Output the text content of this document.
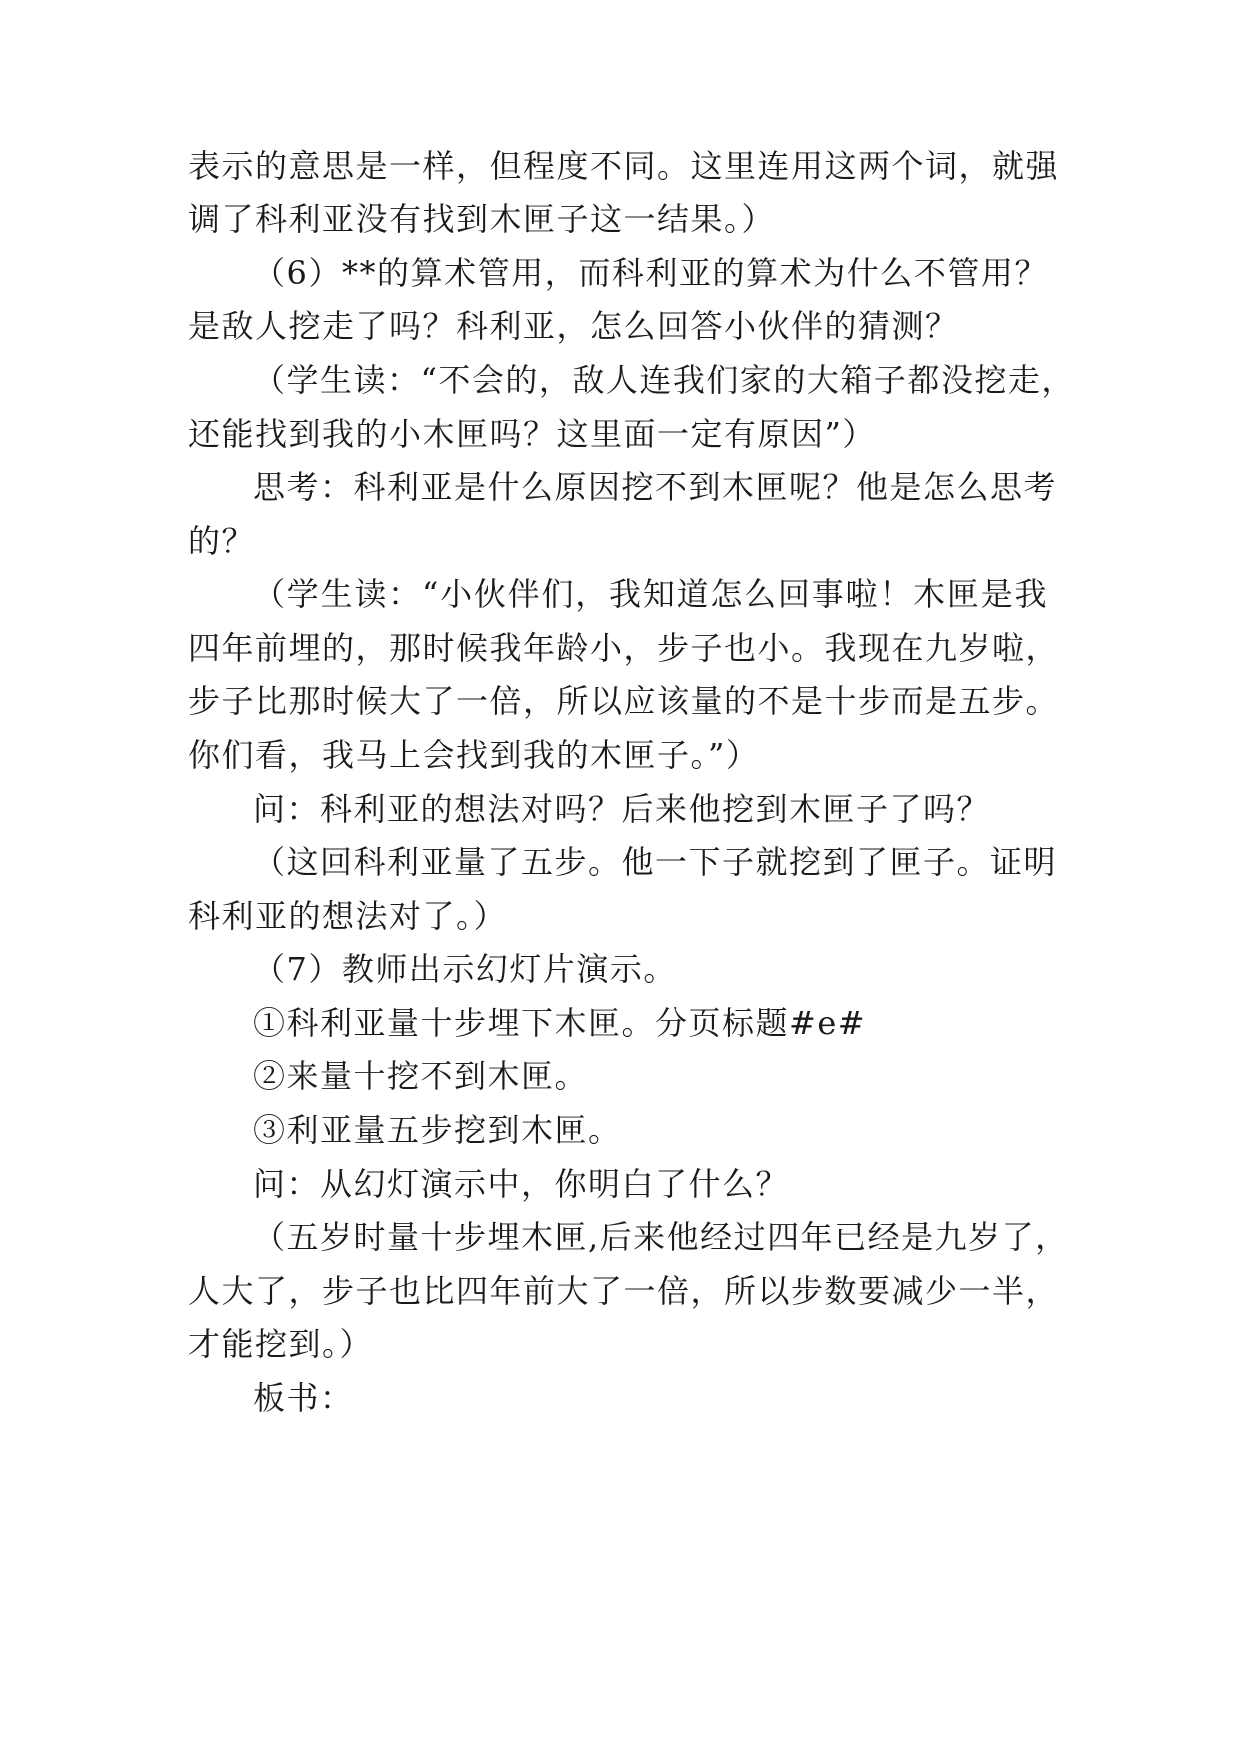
表示的意思是一样，但程度不同。这里连用这两个词，就强
调了科利亚没有找到木匣子这一结果。）
（6）**的算术管用，而科利亚的算术为什么不管用？
是敌人挖走了吗？科利亚，怎么回答小伙伴的猜测？
（学生读：“不会的，敌人连我们家的大箱子都没挖走，
还能找到我的小木匣吗？这里面一定有原因”）
思考：科利亚是什么原因挖不到木匣呢？他是怎么思考
的？
（学生读：“小伙伴们，我知道怎么回事啦！木匣是我
四年前埋的，那时候我年龄小，步子也小。我现在九岁啦，
步子比那时候大了一倍，所以应该量的不是十步而是五步。
你们看，我马上会找到我的木匣子。”）
问：科利亚的想法对吗？后来他挖到木匣子了吗？
（这回科利亚量了五步。他一下子就挖到了匣子。证明
科利亚的想法对了。）
（7）教师出示幻灯片演示。
①科利亚量十步埋下木匣。分页标题#e#
②来量十挖不到木匣。
③利亚量五步挖到木匣。
问：从幻灯演示中，你明白了什么？
（五岁时量十步埋木匣,后来他经过四年已经是九岁了，
人大了，步子也比四年前大了一倍，所以步数要减少一半，
才能挖到。）
板书：
